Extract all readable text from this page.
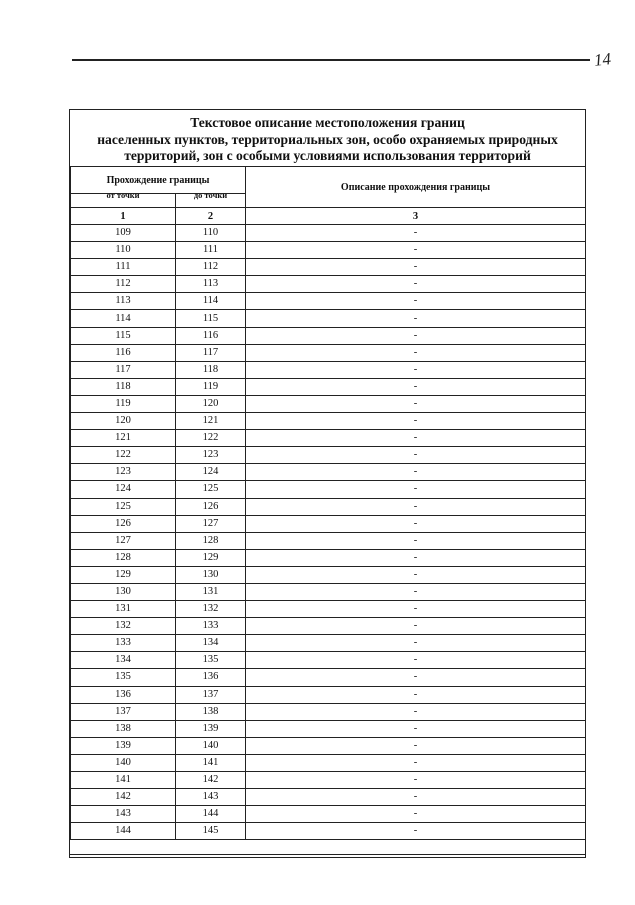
14
Текстовое описание местоположения границ
населенных пунктов, территориальных зон, особо охраняемых природных
территорий, зон с особыми условиями использования территорий
Прохождение границы		Описание прохождения границы
от точки	до точки	
1	2	3
109	110	-
110	111	-
111	112	-
112	113	-
113	114	-
114	115	-
115	116	-
116	117	-
117	118	-
118	119	-
119	120	-
120	121	-
121	122	-
122	123	-
123	124	-
124	125	-
125	126	-
126	127	-
127	128	-
128	129	-
129	130	-
130	131	-
131	132	-
132	133	-
133	134	-
134	135	-
135	136	-
136	137	-
137	138	-
138	139	-
139	140	-
140	141	-
141	142	-
142	143	-
143	144	-
144	145	-
